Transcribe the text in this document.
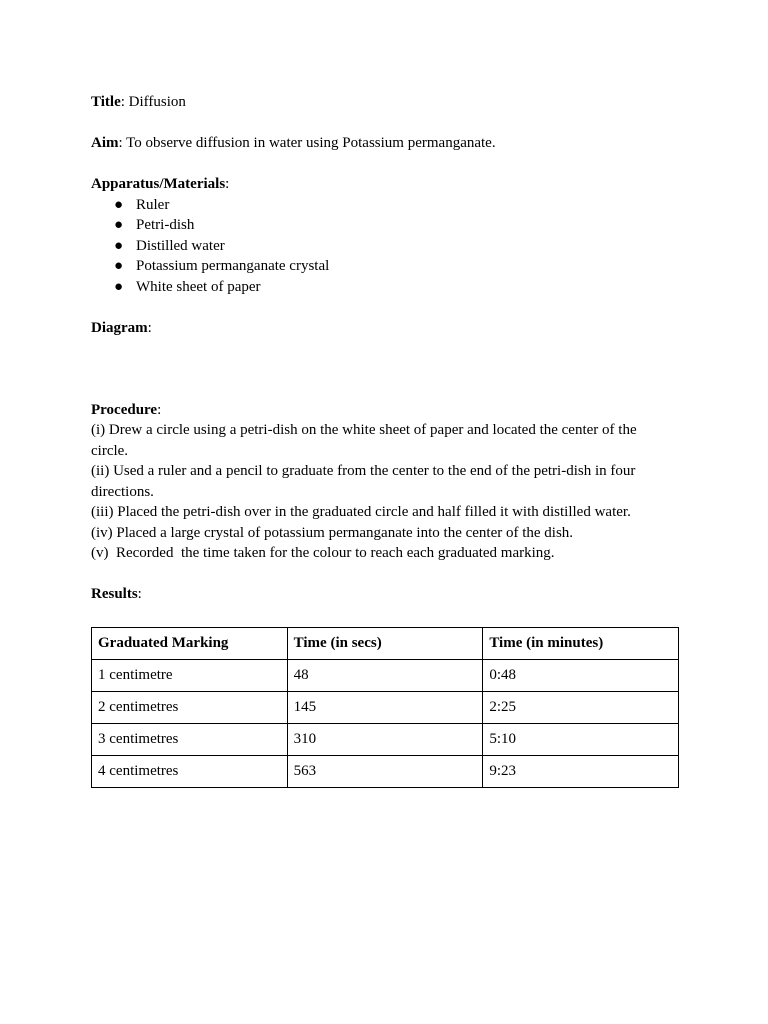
Title: Diffusion
Aim: To observe diffusion in water using Potassium permanganate.
Apparatus/Materials:
● Ruler
● Petri-dish
● Distilled water
● Potassium permanganate crystal
● White sheet of paper
Diagram:
Procedure:
(i) Drew a circle using a petri-dish on the white sheet of paper and located the center of the
circle.
(ii) Used a ruler and a pencil to graduate from the center to the end of the petri-dish in four
directions.
(iii) Placed the petri-dish over in the graduated circle and half filled it with distilled water.
(iv) Placed a large crystal of potassium permanganate into the center of the dish.
(v)  Recorded  the time taken for the colour to reach each graduated marking.
Results:
Graduated Marking	Time (in secs)	Time (in minutes)
1 centimetre	48	0:48
2 centimetres	145	2:25
3 centimetres	310	5:10
4 centimetres	563	9:23
